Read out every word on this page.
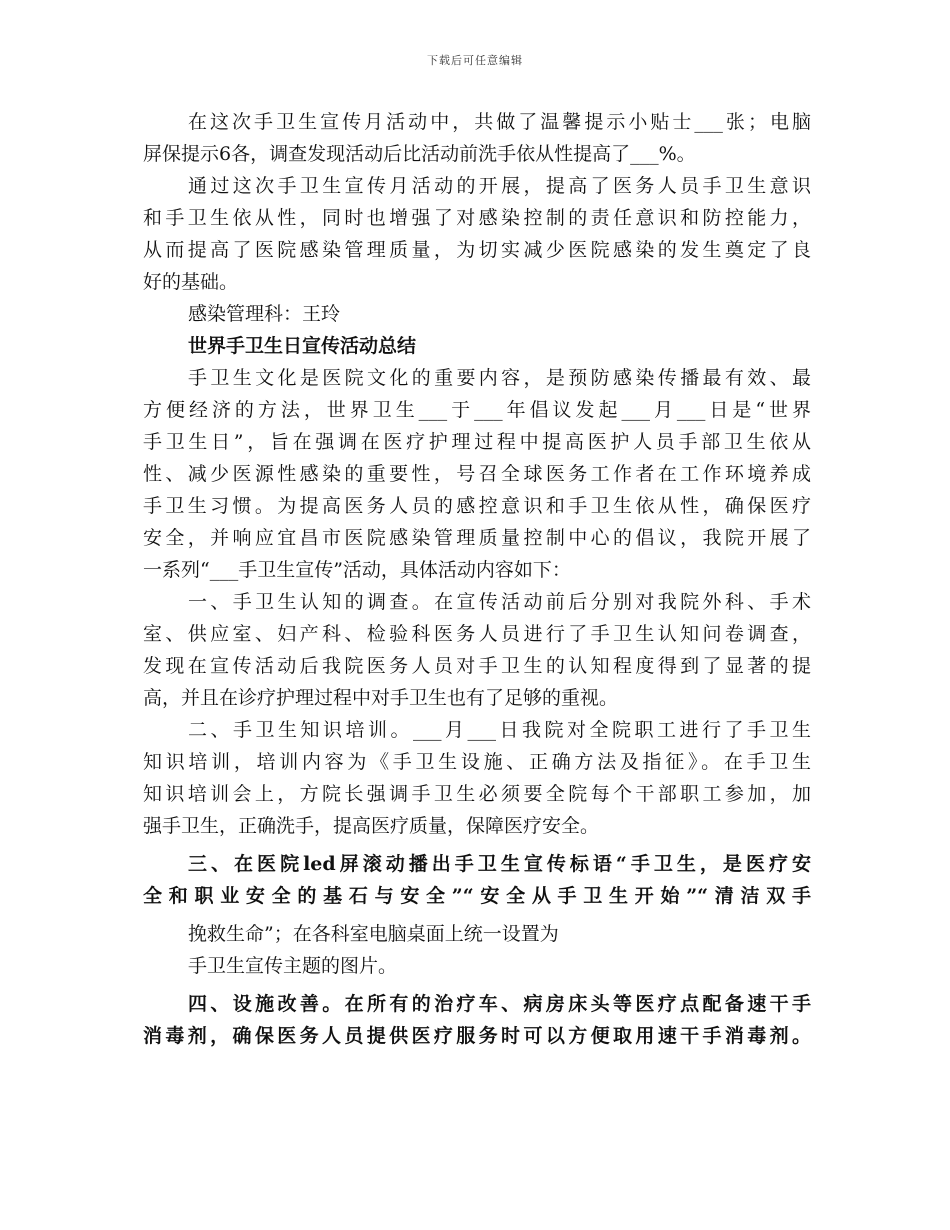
下载后可任意编辑
在这次手卫生宣传月活动中，共做了温馨提示小贴士___张；电脑
屏保提示6各，调查发现活动后比活动前洗手依从性提高了___%。
通过这次手卫生宣传月活动的开展，提高了医务人员手卫生意识
和手卫生依从性，同时也增强了对感染控制的责任意识和防控能力，
从而提高了医院感染管理质量，为切实减少医院感染的发生奠定了良
好的基础。
感染管理科：王玲
世界手卫生日宣传活动总结
手卫生文化是医院文化的重要内容，是预防感染传播最有效、最
方便经济的方法，世界卫生___于___年倡议发起___月___日是“世界
手卫生日”，旨在强调在医疗护理过程中提高医护人员手部卫生依从
性、减少医源性感染的重要性，号召全球医务工作者在工作环境养成
手卫生习惯。为提高医务人员的感控意识和手卫生依从性，确保医疗
安全，并响应宜昌市医院感染管理质量控制中心的倡议，我院开展了
一系列“___手卫生宣传”活动，具体活动内容如下：
一、手卫生认知的调查。在宣传活动前后分别对我院外科、手术
室、供应室、妇产科、检验科医务人员进行了手卫生认知问卷调查，
发现在宣传活动后我院医务人员对手卫生的认知程度得到了显著的提
高，并且在诊疗护理过程中对手卫生也有了足够的重视。
二、手卫生知识培训。___月___日我院对全院职工进行了手卫生
知识培训，培训内容为《手卫生设施、正确方法及指征》。在手卫生
知识培训会上，方院长强调手卫生必须要全院每个干部职工参加，加
强手卫生，正确洗手，提高医疗质量，保障医疗安全。
三、在医院led屏滚动播出手卫生宣传标语“手卫生，是医疗安
全和职业安全的基石与安全”“安全从手卫生开始”“清洁双手
挽救生命”；在各科室电脑桌面上统一设置为
手卫生宣传主题的图片。
四、设施改善。在所有的治疗车、病房床头等医疗点配备速干手
消毒剂，确保医务人员提供医疗服务时可以方便取用速干手消毒剂。
